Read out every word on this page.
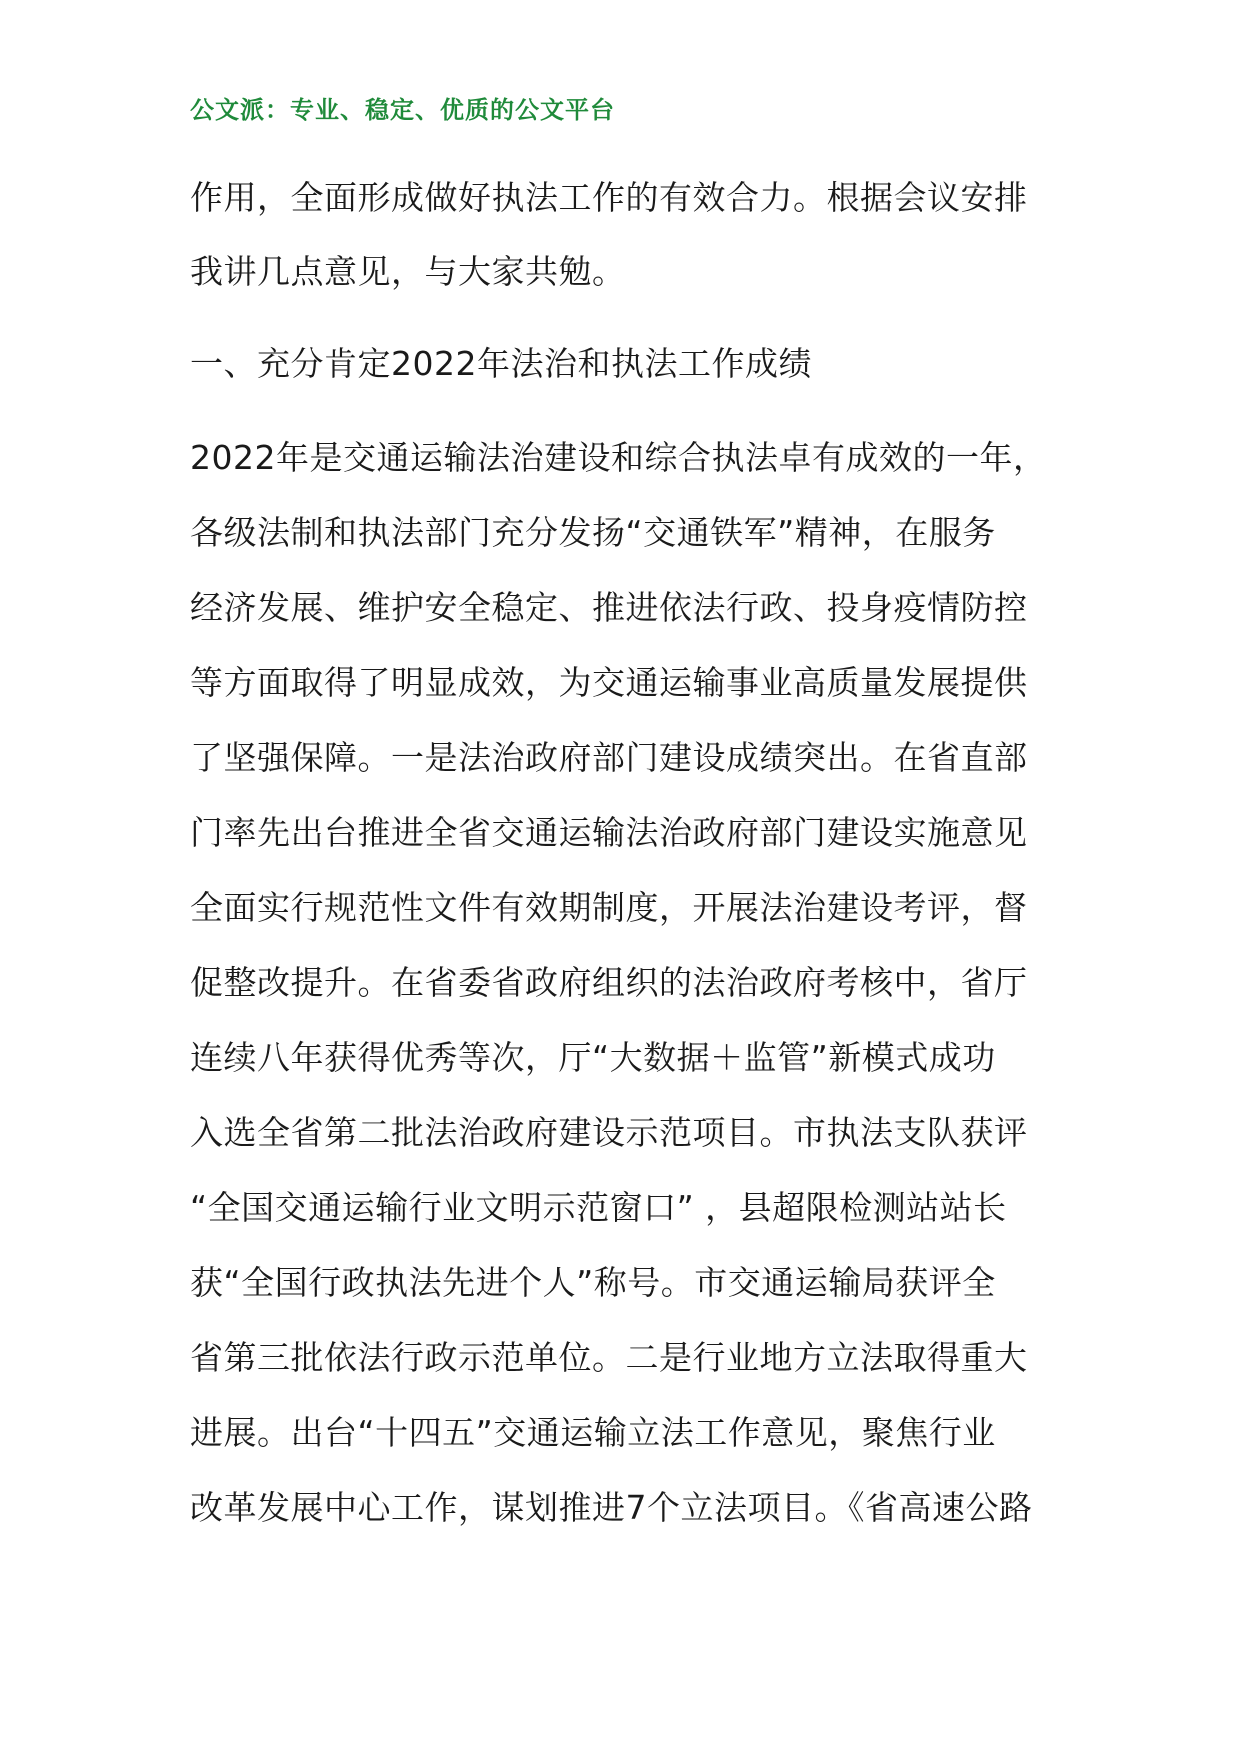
公文派：专业、稳定、优质的公文平台
作用，全面形成做好执法工作的有效合力。根据会议安排
我讲几点意见，与大家共勉。
一、充分肯定2022年法治和执法工作成绩
2022年是交通运输法治建设和综合执法卓有成效的一年，
各级法制和执法部门充分发扬“交通铁军”精神，在服务
经济发展、维护安全稳定、推进依法行政、投身疫情防控
等方面取得了明显成效，为交通运输事业高质量发展提供
了坚强保障。一是法治政府部门建设成绩突出。在省直部
门率先出台推进全省交通运输法治政府部门建设实施意见
全面实行规范性文件有效期制度，开展法治建设考评，督
促整改提升。在省委省政府组织的法治政府考核中，省厅
连续八年获得优秀等次，厅“大数据＋监管”新模式成功
入选全省第二批法治政府建设示范项目。市执法支队获评
“全国交通运输行业文明示范窗口” ，县超限检测站站长
获“全国行政执法先进个人”称号。市交通运输局获评全
省第三批依法行政示范单位。二是行业地方立法取得重大
进展。出台“十四五”交通运输立法工作意见，聚焦行业
改革发展中心工作，谋划推进7个立法项目。《省高速公路
